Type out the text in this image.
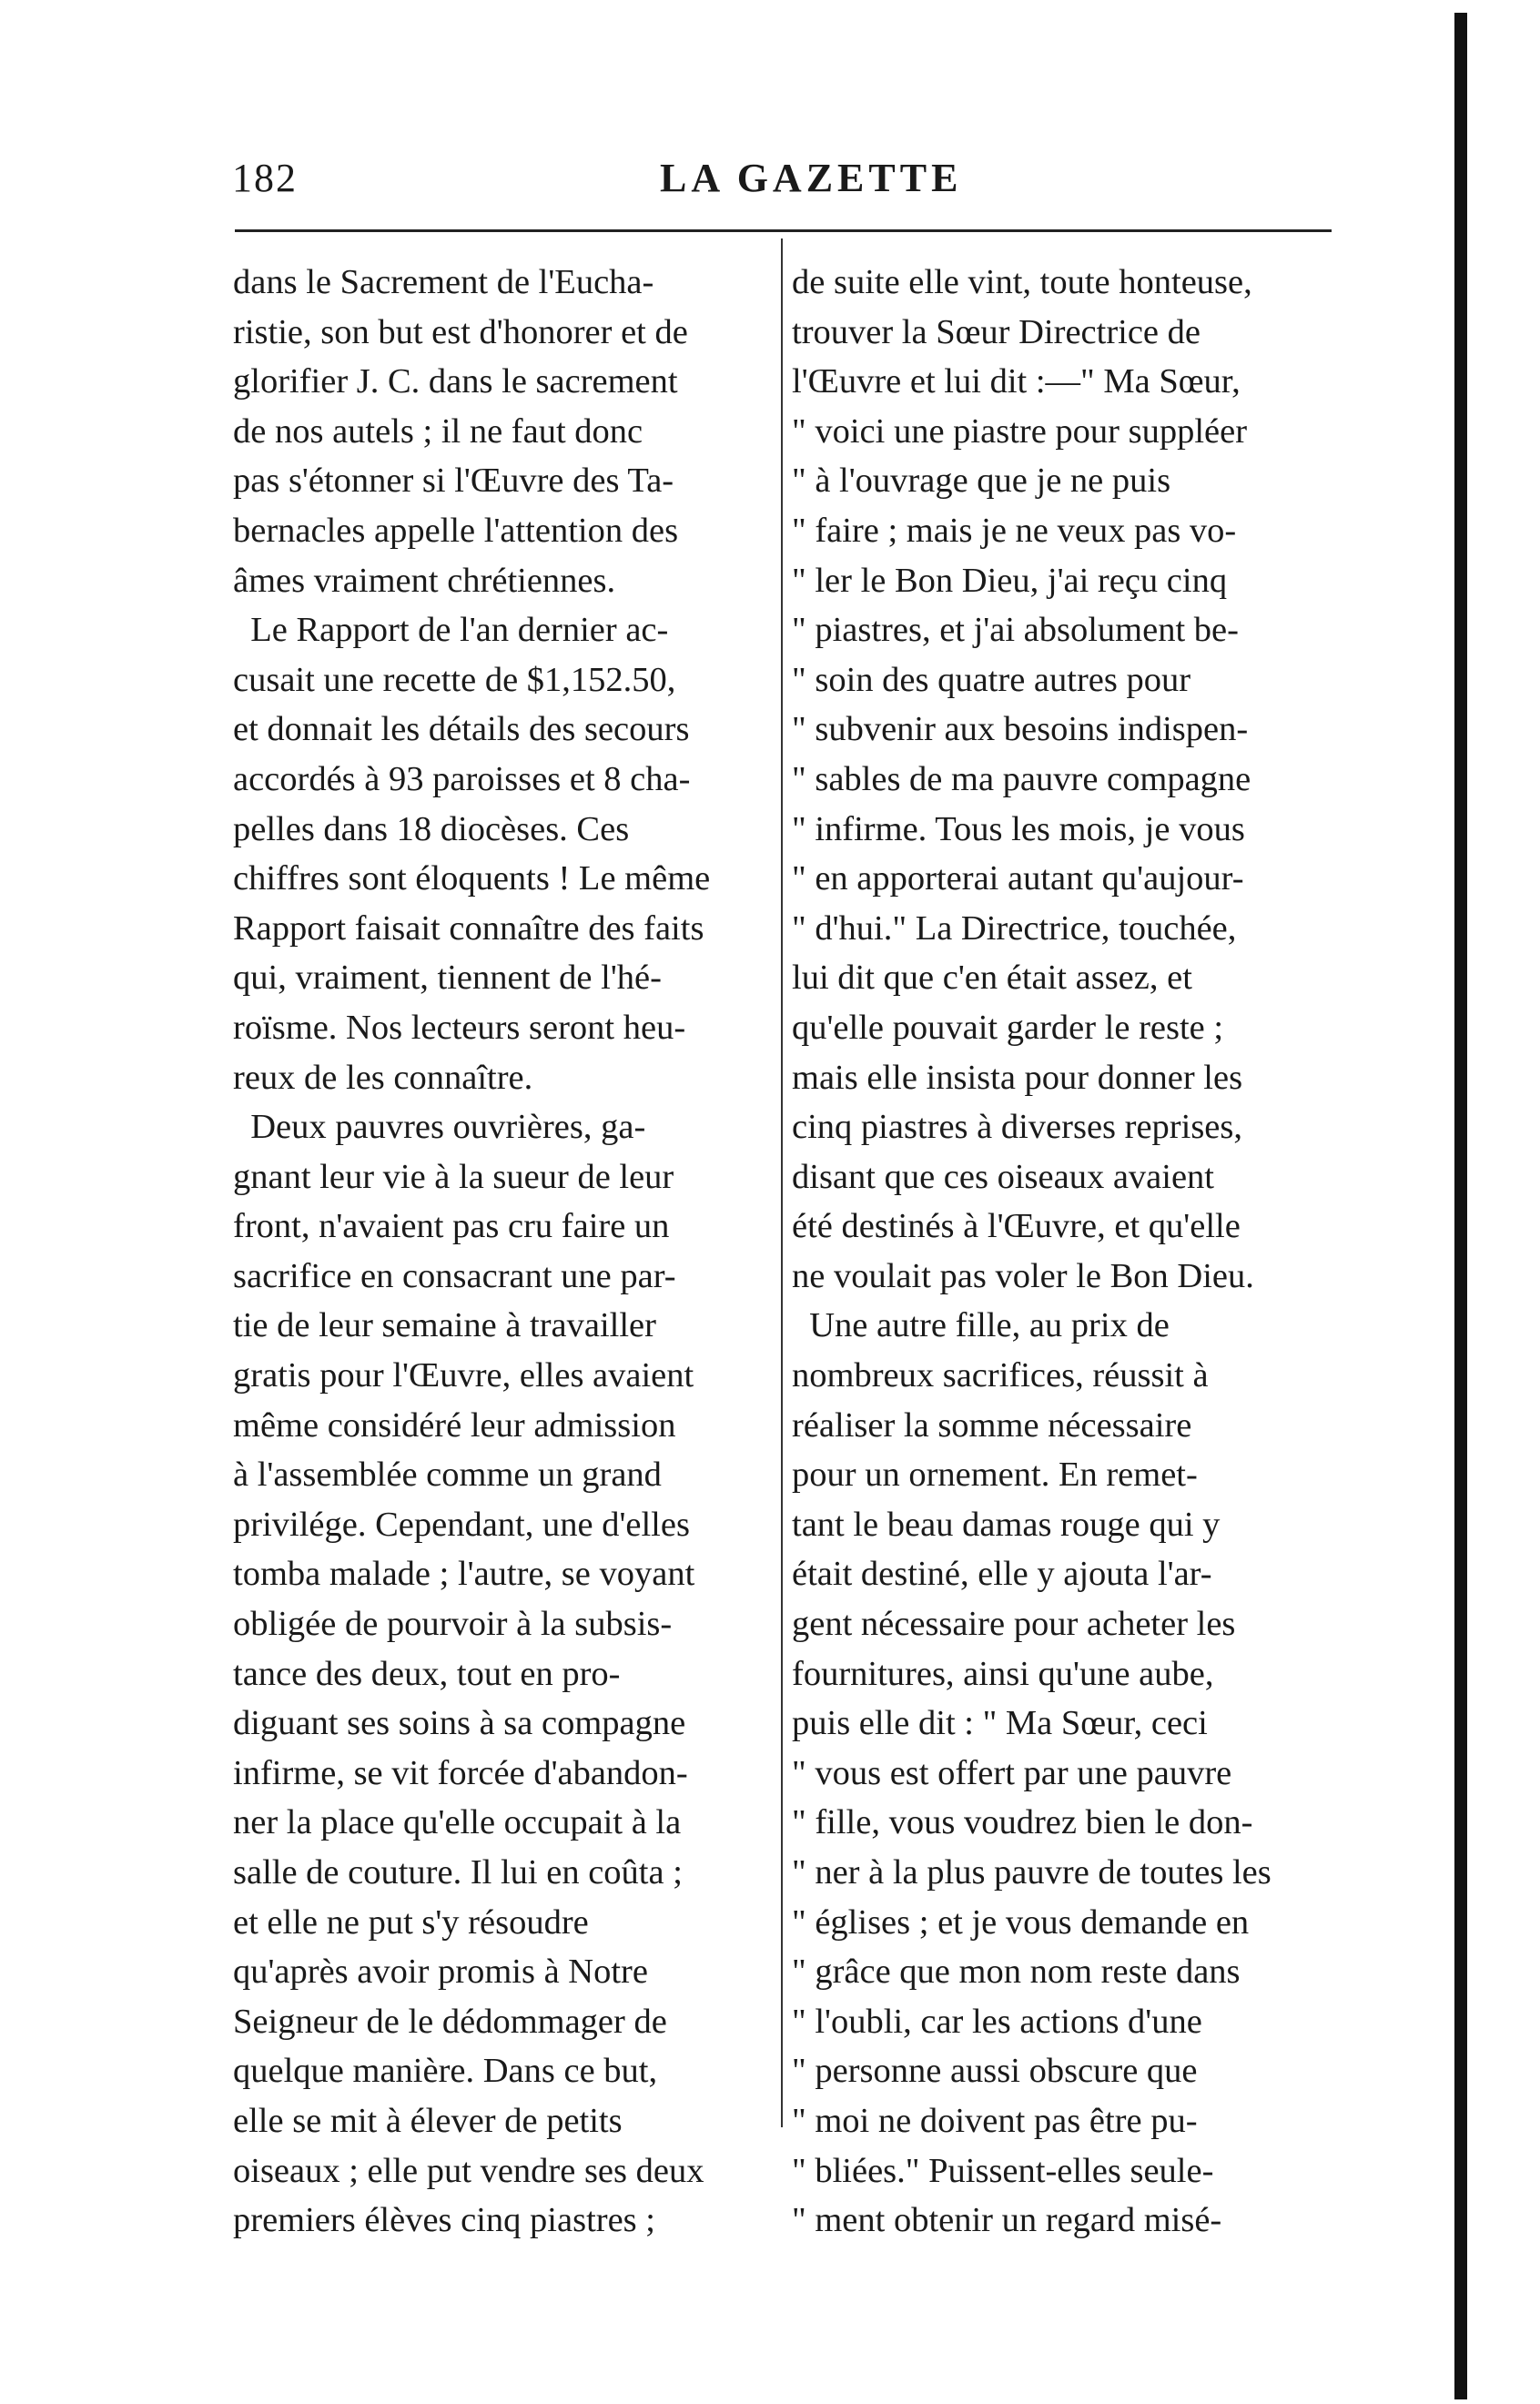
182	LA GAZETTE
dans le Sacrement de l'Eucha-
ristie, son but est d'honorer et de
glorifier J. C. dans le sacrement
de nos autels ; il ne faut donc
pas s'étonner si l'Œuvre des Ta-
bernacles appelle l'attention des
âmes vraiment chrétiennes.
Le Rapport de l'an dernier ac-
cusait une recette de $1,152.50,
et donnait les détails des secours
accordés à 93 paroisses et 8 cha-
pelles dans 18 diocèses. Ces
chiffres sont éloquents ! Le même
Rapport faisait connaître des faits
qui, vraiment, tiennent de l'hé-
roïsme. Nos lecteurs seront heu-
reux de les connaître.
Deux pauvres ouvrières, ga-
gnant leur vie à la sueur de leur
front, n'avaient pas cru faire un
sacrifice en consacrant une par-
tie de leur semaine à travailler
gratis pour l'Œuvre, elles avaient
même considéré leur admission
à l'assemblée comme un grand
privilége. Cependant, une d'elles
tomba malade ; l'autre, se voyant
obligée de pourvoir à la subsis-
tance des deux, tout en pro-
diguant ses soins à sa compagne
infirme, se vit forcée d'abandon-
ner la place qu'elle occupait à la
salle de couture. Il lui en coûta ;
et elle ne put s'y résoudre
qu'après avoir promis à Notre
Seigneur de le dédommager de
quelque manière. Dans ce but,
elle se mit à élever de petits
oiseaux ; elle put vendre ses deux
premiers élèves cinq piastres ;
de suite elle vint, toute honteuse,
trouver la Sœur Directrice de
l'Œuvre et lui dit :—" Ma Sœur,
" voici une piastre pour suppléer
" à l'ouvrage que je ne puis
" faire ; mais je ne veux pas vo-
" ler le Bon Dieu, j'ai reçu cinq
" piastres, et j'ai absolument be-
" soin des quatre autres pour
" subvenir aux besoins indispen-
" sables de ma pauvre compagne
" infirme. Tous les mois, je vous
" en apporterai autant qu'aujour-
" d'hui." La Directrice, touchée,
lui dit que c'en était assez, et
qu'elle pouvait garder le reste ;
mais elle insista pour donner les
cinq piastres à diverses reprises,
disant que ces oiseaux avaient
été destinés à l'Œuvre, et qu'elle
ne voulait pas voler le Bon Dieu.
Une autre fille, au prix de
nombreux sacrifices, réussit à
réaliser la somme nécessaire
pour un ornement. En remet-
tant le beau damas rouge qui y
était destiné, elle y ajouta l'ar-
gent nécessaire pour acheter les
fournitures, ainsi qu'une aube,
puis elle dit : " Ma Sœur, ceci
" vous est offert par une pauvre
" fille, vous voudrez bien le don-
" ner à la plus pauvre de toutes les
" églises ; et je vous demande en
" grâce que mon nom reste dans
" l'oubli, car les actions d'une
" personne aussi obscure que
" moi ne doivent pas être pu-
" bliées." Puissent-elles seule-
" ment obtenir un regard misé-
